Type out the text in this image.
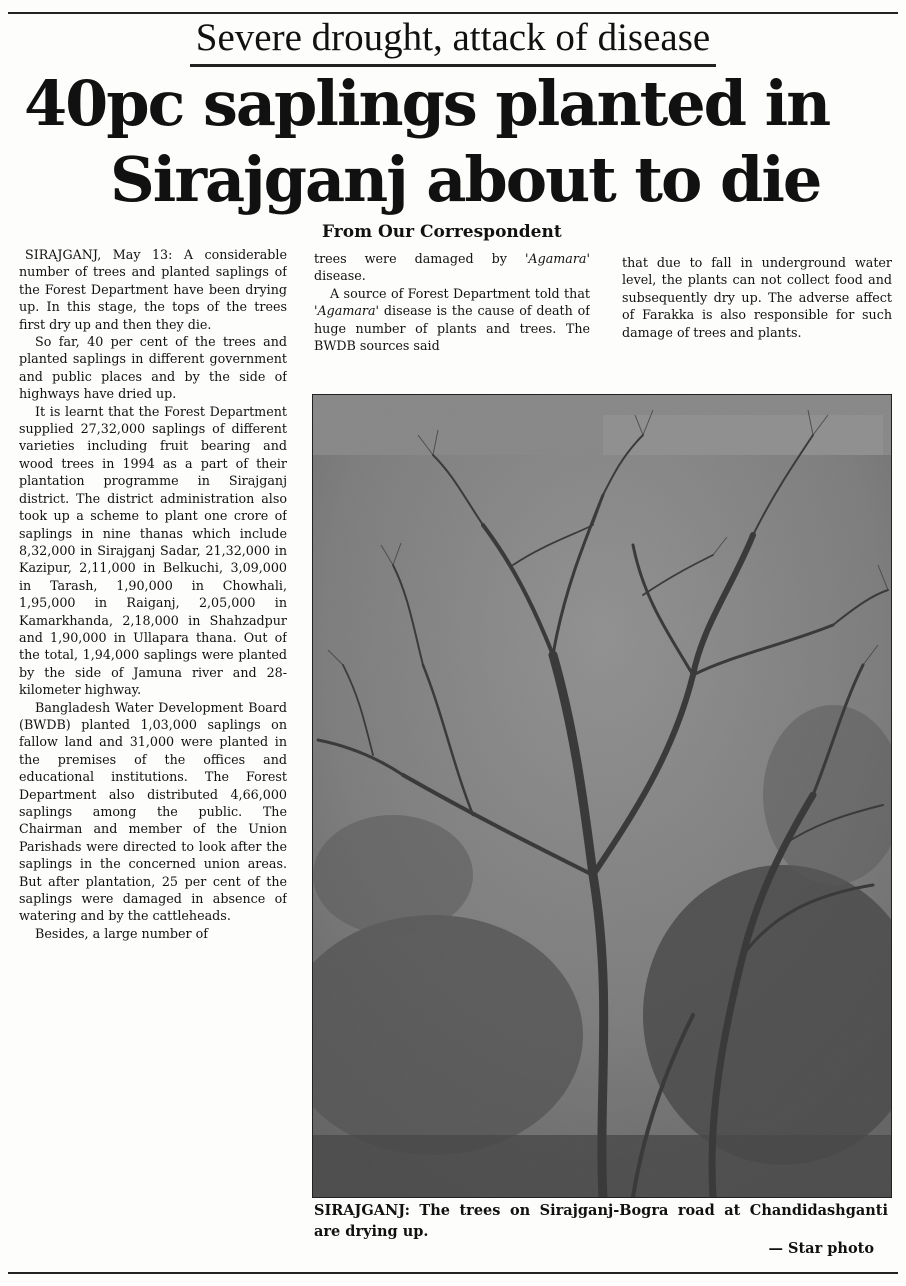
Severe drought, attack of disease
40pc saplings planted in
Sirajganj about to die
From Our Correspondent

SIRAJGANJ, May 13: A considerable number of trees and planted saplings of the Forest Department have been drying up. In this stage, the tops of the trees first dry up and then they die.

So far, 40 per cent of the trees and planted saplings in different government and public places and by the side of highways have dried up.

It is learnt that the Forest Department supplied 27,32,000 saplings of different varieties including fruit bearing and wood trees in 1994 as a part of their plantation programme in Sirajganj district. The district administration also took up a scheme to plant one crore of saplings in nine thanas which include 8,32,000 in Sirajganj Sadar, 21,32,000 in Kazipur, 2,11,000 in Belkuchi, 3,09,000 in Tarash, 1,90,000 in Chowhali, 1,95,000 in Raiganj, 2,05,000 in Kamarkhanda, 2,18,000 in Shahzadpur and 1,90,000 in Ullapara thana. Out of the total, 1,94,000 saplings were planted by the side of Jamuna river and 28-kilometer highway.

Bangladesh Water Development Board (BWDB) planted 1,03,000 saplings on fallow land and 31,000 were planted in the premises of the offices and educational institutions. The Forest Department also distributed 4,66,000 saplings among the public. The Chairman and member of the Union Parishads were directed to look after the saplings in the concerned union areas. But after plantation, 25 per cent of the saplings were damaged in absence of watering and by the cattleheads.

Besides, a large number of

trees were damaged by 'Agamara' disease.

A source of Forest Department told that 'Agamara' disease is the cause of death of huge number of plants and trees. The BWDB sources said

that due to fall in underground water level, the plants can not collect food and subsequently dry up. The adverse affect of Farakka is also responsible for such damage of trees and plants.

SIRAJGANJ: The trees on Sirajganj-Bogra road at Chandidashganti are drying up.
— Star photo
